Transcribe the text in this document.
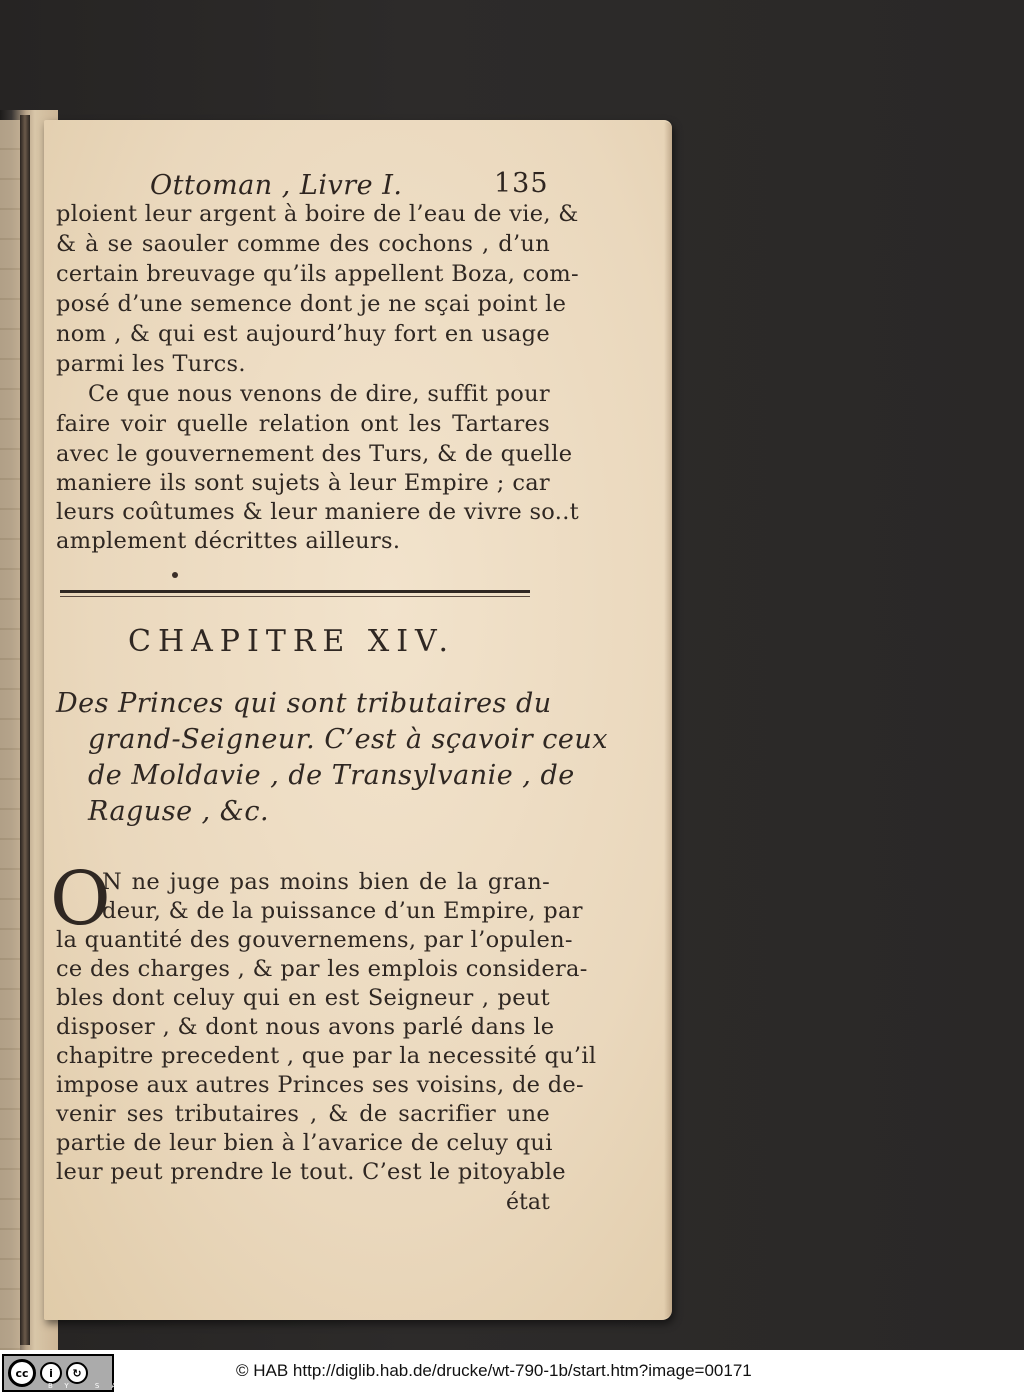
Ottoman , Livre I.	135
ploient leur argent à boire de l’eau de vie, &
& à se saouler comme des cochons , d’un
certain breuvage qu’ils appellent Boza, com-
posé d’une semence dont je ne sçai point le
nom , & qui est aujourd’huy fort en usage
parmi les Turcs.
Ce que nous venons de dire, suffit pour
faire voir quelle relation ont les Tartares
avec le gouvernement des Turs, & de quelle
maniere ils sont sujets à leur Empire ; car
leurs coûtumes & leur maniere de vivre so..t
amplement décrittes ailleurs.
CHAPITRE XIV.
Des Princes qui sont tributaires du
grand-Seigneur. C’est à sçavoir ceux
de Moldavie , de Transylvanie , de
Raguse , &c.
O
N ne juge pas moins bien de la gran-
deur, & de la puissance d’un Empire, par
la quantité des gouvernemens, par l’opulen-
ce des charges , & par les emplois considera-
bles dont celuy qui en est Seigneur , peut
disposer , & dont nous avons parlé dans le
chapitre precedent , que par la necessité qu’il
impose aux autres Princes ses voisins, de de-
venir ses tributaires , & de sacrifier une
partie de leur bien à l’avarice de celuy qui
leur peut prendre le tout. C’est le pitoyable
état
cc	i	↻
BY SA
© HAB http://diglib.hab.de/drucke/wt-790-1b/start.htm?image=00171
